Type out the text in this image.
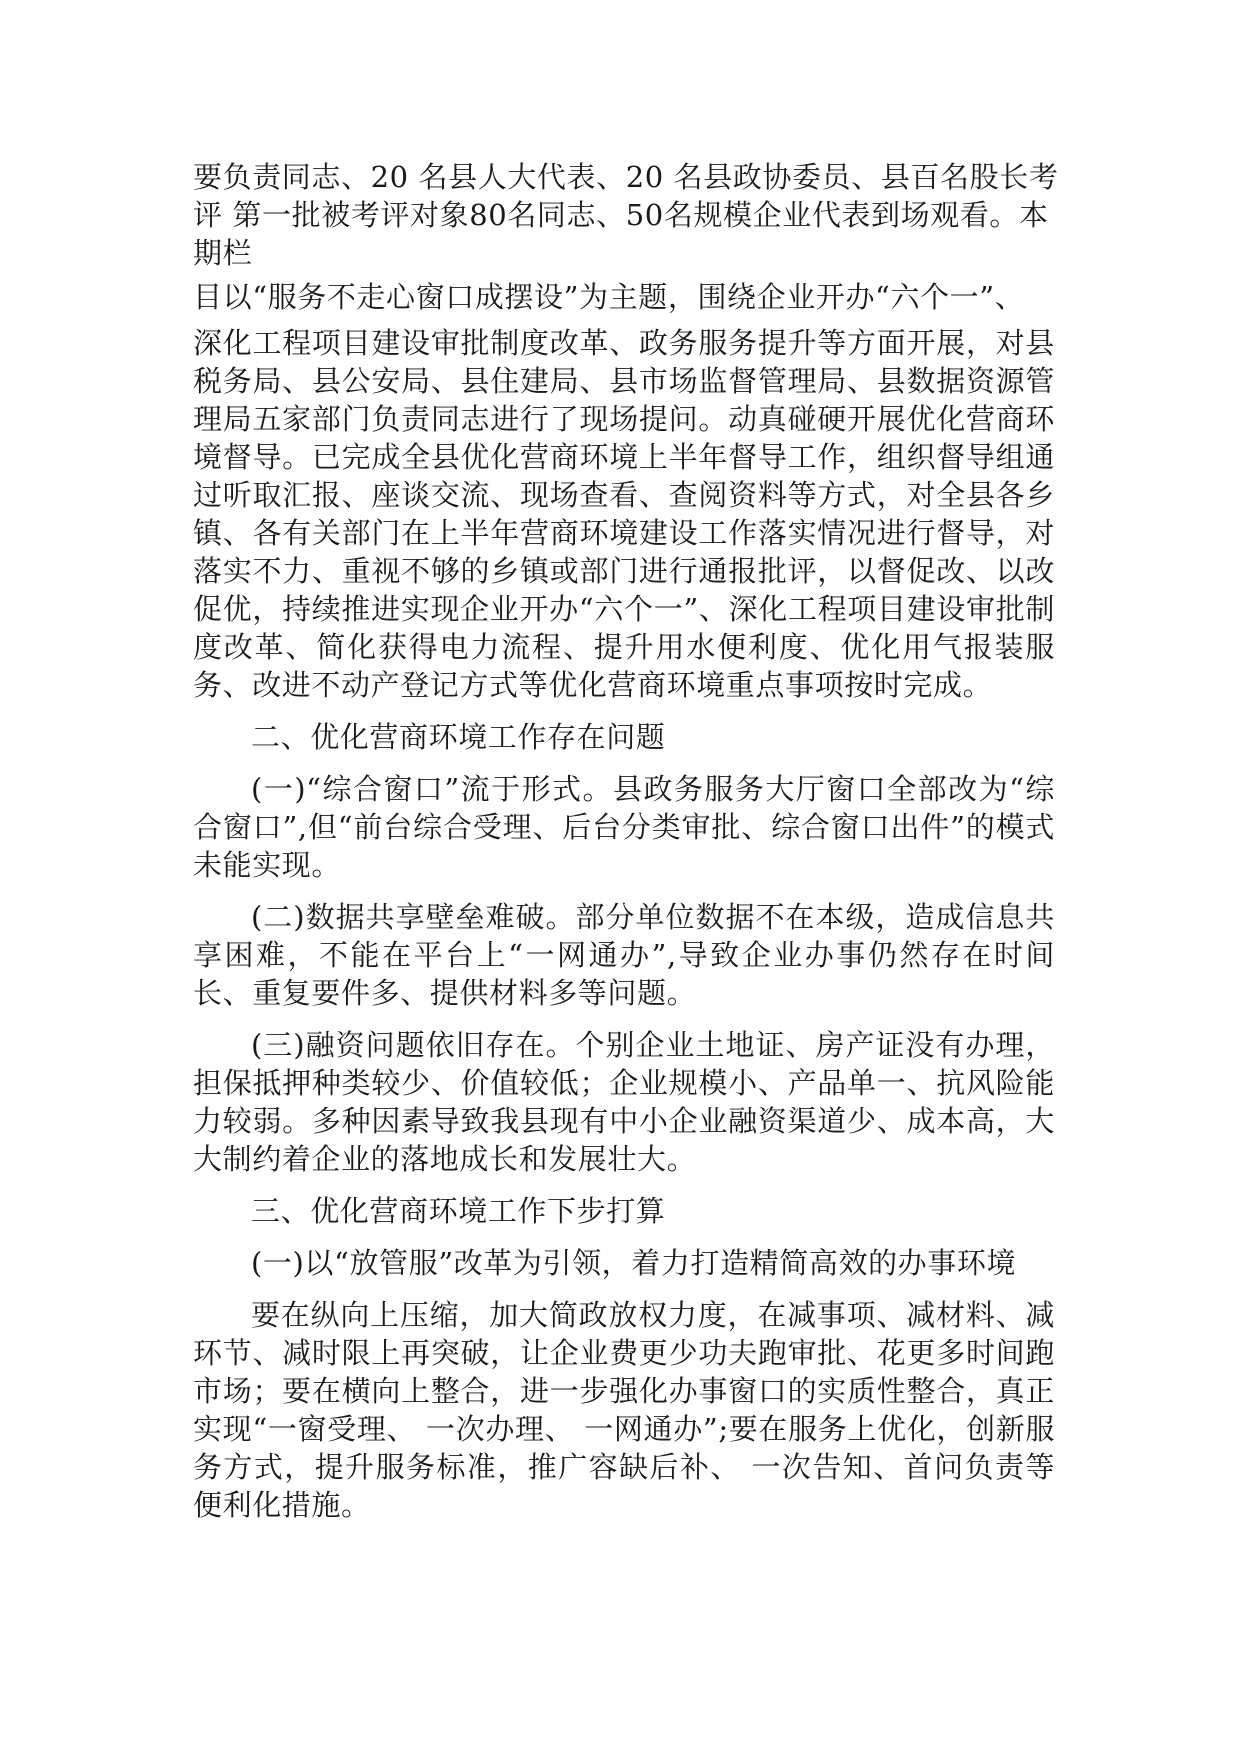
要负责同志、20 名县人大代表、20 名县政协委员、县百名股长考

评 第一批被考评对象80名同志、50名规模企业代表到场观看。本

期栏

目以“服务不走心窗口成摆设”为主题，围绕企业开办“六个一”、

深化工程项目建设审批制度改革、政务服务提升等方面开展，对县税务局、县公安局、县住建局、县市场监督管理局、县数据资源管理局五家部门负责同志进行了现场提问。动真碰硬开展优化营商环境督导。已完成全县优化营商环境上半年督导工作，组织督导组通过听取汇报、座谈交流、现场查看、查阅资料等方式，对全县各乡镇、各有关部门在上半年营商环境建设工作落实情况进行督导，对落实不力、重视不够的乡镇或部门进行通报批评，以督促改、以改促优，持续推进实现企业开办“六个一”、深化工程项目建设审批制度改革、简化获得电力流程、提升用水便利度、优化用气报装服务、改进不动产登记方式等优化营商环境重点事项按时完成。

二、优化营商环境工作存在问题

(一)“综合窗口”流于形式。县政务服务大厅窗口全部改为“综合窗口”,但“前台综合受理、后台分类审批、综合窗口出件”的模式未能实现。

(二)数据共享壁垒难破。部分单位数据不在本级，造成信息共享困难，不能在平台上“一网通办”,导致企业办事仍然存在时间长、重复要件多、提供材料多等问题。

(三)融资问题依旧存在。个别企业土地证、房产证没有办理，担保抵押种类较少、价值较低；企业规模小、产品单一、抗风险能力较弱。多种因素导致我县现有中小企业融资渠道少、成本高，大大制约着企业的落地成长和发展壮大。

三、优化营商环境工作下步打算

(一)以“放管服”改革为引领，着力打造精简高效的办事环境

要在纵向上压缩，加大简政放权力度，在减事项、减材料、减环节、减时限上再突破，让企业费更少功夫跑审批、花更多时间跑市场；要在横向上整合，进一步强化办事窗口的实质性整合，真正实现“一窗受理、 一次办理、 一网通办”;要在服务上优化，创新服务方式，提升服务标准，推广容缺后补、 一次告知、首问负责等便利化措施。
